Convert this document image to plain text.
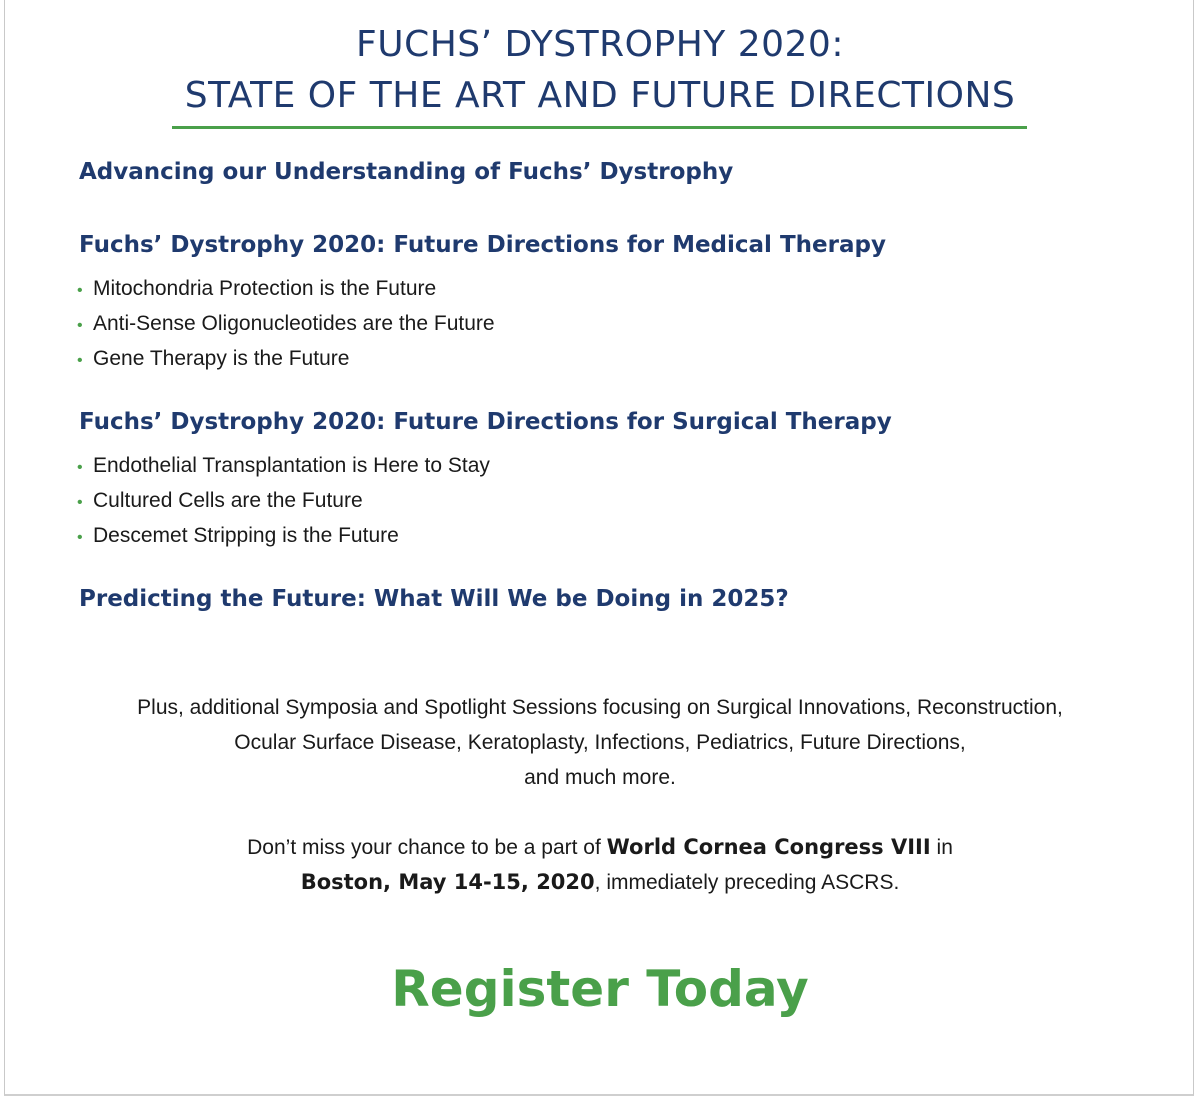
FUCHS’ DYSTROPHY 2020:
STATE OF THE ART AND FUTURE DIRECTIONS
Advancing our Understanding of Fuchs’ Dystrophy
Fuchs’ Dystrophy 2020: Future Directions for Medical Therapy
• Mitochondria Protection is the Future
• Anti-Sense Oligonucleotides are the Future
• Gene Therapy is the Future
Fuchs’ Dystrophy 2020: Future Directions for Surgical Therapy
• Endothelial Transplantation is Here to Stay
• Cultured Cells are the Future
• Descemet Stripping is the Future
Predicting the Future: What Will We be Doing in 2025?

Plus, additional Symposia and Spotlight Sessions focusing on Surgical Innovations, Reconstruction,
Ocular Surface Disease, Keratoplasty, Infections, Pediatrics, Future Directions,
and much more.

Don’t miss your chance to be a part of World Cornea Congress VIII in
Boston, May 14-15, 2020, immediately preceding ASCRS.

Register Today
